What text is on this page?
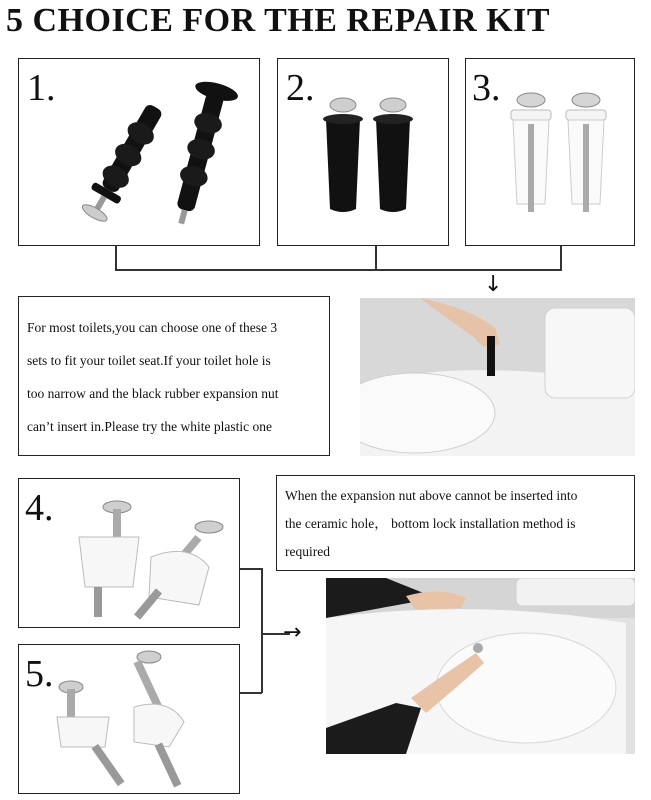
5 CHOICE FOR THE REPAIR KIT
1.	2.	3.
↓
For most toilets,you can choose one of these 3
sets to fit your toilet seat.If your toilet hole is
too narrow and the black rubber expansion nut
can’t insert in.Please try the white plastic one
4.
5.
→
When the expansion nut above cannot be inserted into
the ceramic hole， bottom lock installation method is
required
